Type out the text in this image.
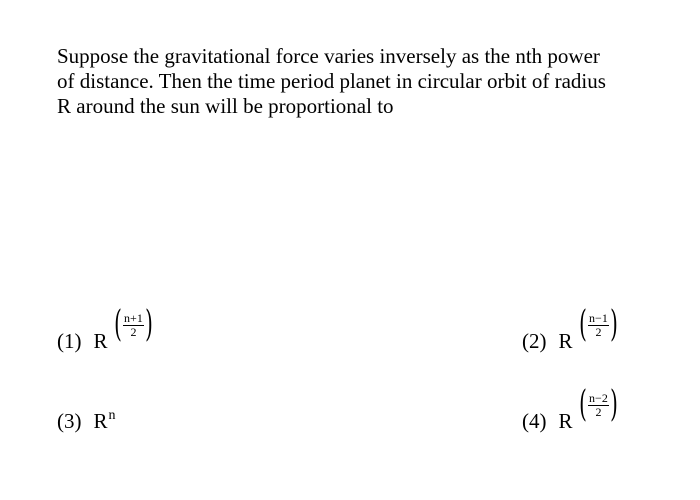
Suppose the gravitational force varies inversely as the nth power
of distance. Then the time period planet in circular orbit of radius
R around the sun will be proportional to
(1) R ( $\frac{n+1}{2}$ )	(2) R ( $\frac{n-1}{2}$ )
(3) $R^n$	(4) R ( $\frac{n-2}{2}$ )
